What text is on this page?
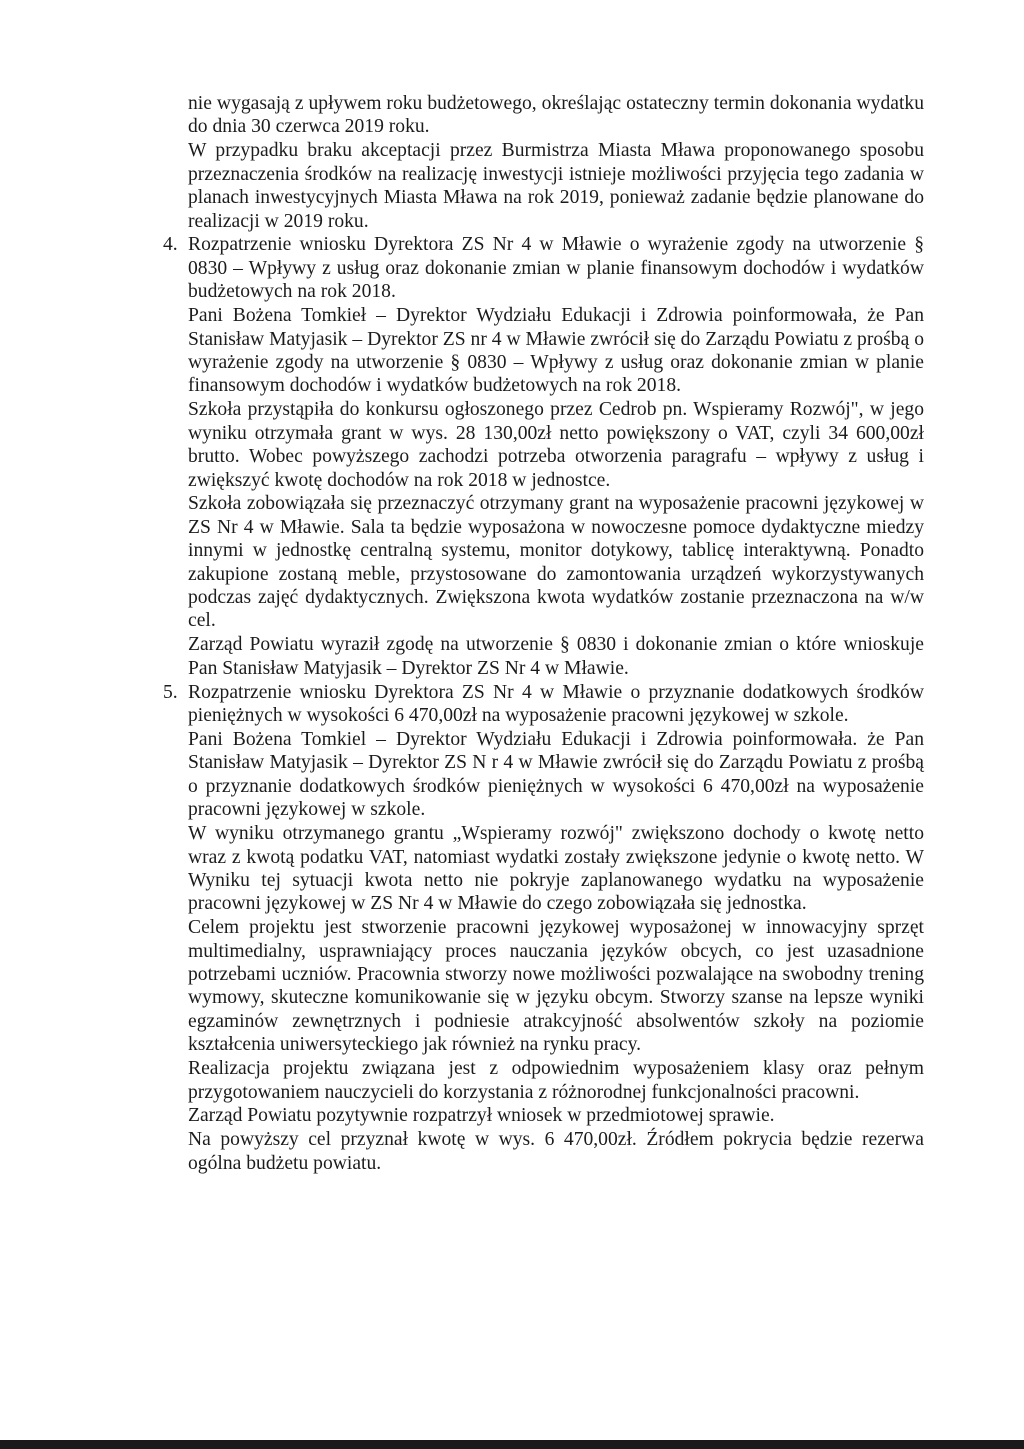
nie wygasają z upływem roku budżetowego, określając ostateczny termin dokonania wydatku do dnia 30 czerwca 2019 roku.

W przypadku braku akceptacji przez Burmistrza Miasta Mława proponowanego sposobu przeznaczenia środków na realizację inwestycji istnieje możliwości przyjęcia tego zadania w planach inwestycyjnych Miasta Mława na rok 2019, ponieważ zadanie będzie planowane do realizacji w 2019 roku.

4. Rozpatrzenie wniosku Dyrektora ZS Nr 4 w Mławie o wyrażenie zgody na utworzenie § 0830 – Wpływy z usług oraz dokonanie zmian w planie finansowym dochodów i wydatków budżetowych na rok 2018.

Pani Bożena Tomkieł – Dyrektor Wydziału Edukacji i Zdrowia poinformowała, że Pan Stanisław Matyjasik – Dyrektor ZS nr 4 w Mławie zwrócił się do Zarządu Powiatu z prośbą o wyrażenie zgody na utworzenie § 0830 – Wpływy z usług oraz dokonanie zmian w planie finansowym dochodów i wydatków budżetowych na rok 2018.

Szkoła przystąpiła do konkursu ogłoszonego przez Cedrob pn. Wspieramy Rozwój", w jego wyniku otrzymała grant w wys. 28 130,00zł netto powiększony o VAT, czyli 34 600,00zł brutto. Wobec powyższego zachodzi potrzeba otworzenia paragrafu – wpływy z usług i zwiększyć kwotę dochodów na rok 2018 w jednostce.

Szkoła zobowiązała się przeznaczyć otrzymany grant na wyposażenie pracowni językowej w ZS Nr 4 w Mławie. Sala ta będzie wyposażona w nowoczesne pomoce dydaktyczne miedzy innymi w jednostkę centralną systemu, monitor dotykowy, tablicę interaktywną. Ponadto zakupione zostaną meble, przystosowane do zamontowania urządzeń wykorzystywanych podczas zajęć dydaktycznych. Zwiększona kwota wydatków zostanie przeznaczona na w/w cel.

Zarząd Powiatu wyraził zgodę na utworzenie § 0830 i dokonanie zmian o które wnioskuje Pan Stanisław Matyjasik – Dyrektor ZS Nr 4 w Mławie.

5. Rozpatrzenie wniosku Dyrektora ZS Nr 4 w Mławie o przyznanie dodatkowych środków pieniężnych w wysokości 6 470,00zł na wyposażenie pracowni językowej w szkole.

Pani Bożena Tomkiel – Dyrektor Wydziału Edukacji i Zdrowia poinformowała. że Pan Stanisław Matyjasik – Dyrektor ZS N r 4 w Mławie zwrócił się do Zarządu Powiatu z prośbą o przyznanie dodatkowych środków pieniężnych w wysokości 6 470,00zł na wyposażenie pracowni językowej w szkole.

W wyniku otrzymanego grantu „Wspieramy rozwój" zwiększono dochody o kwotę netto wraz z kwotą podatku VAT, natomiast wydatki zostały zwiększone jedynie o kwotę netto. W Wyniku tej sytuacji kwota netto nie pokryje zaplanowanego wydatku na wyposażenie pracowni językowej w ZS Nr 4 w Mławie do czego zobowiązała się jednostka.

Celem projektu jest stworzenie pracowni językowej wyposażonej w innowacyjny sprzęt multimedialny, usprawniający proces nauczania języków obcych, co jest uzasadnione potrzebami uczniów. Pracownia stworzy nowe możliwości pozwalające na swobodny trening wymowy, skuteczne komunikowanie się w języku obcym. Stworzy szanse na lepsze wyniki egzaminów zewnętrznych i podniesie atrakcyjność absolwentów szkoły na poziomie kształcenia uniwersyteckiego jak również na rynku pracy.

Realizacja projektu związana jest z odpowiednim wyposażeniem klasy oraz pełnym przygotowaniem nauczycieli do korzystania z różnorodnej funkcjonalności pracowni.

Zarząd Powiatu pozytywnie rozpatrzył wniosek w przedmiotowej sprawie.

Na powyższy cel przyznał kwotę w wys. 6 470,00zł. Źródłem pokrycia będzie rezerwa ogólna budżetu powiatu.
